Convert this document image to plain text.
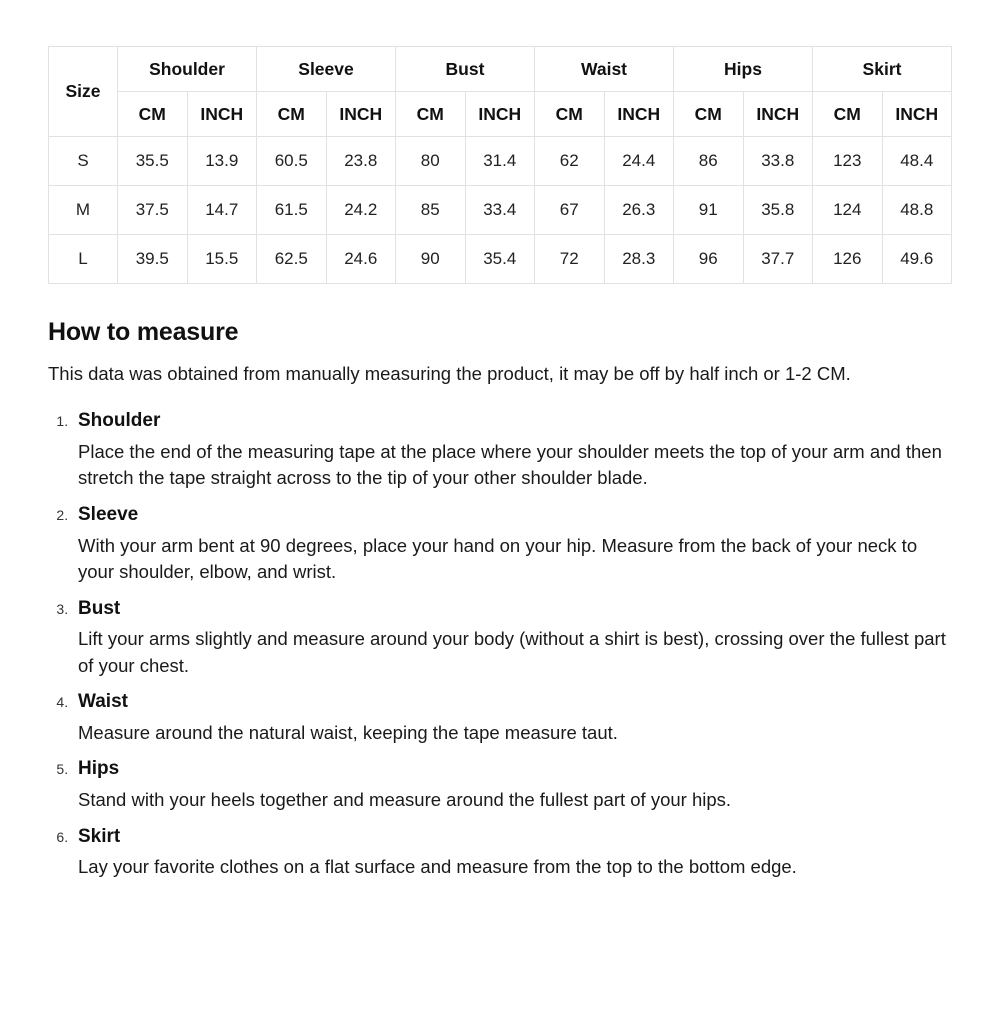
Size	Shoulder		Sleeve		Bust		Waist		Hips		Skirt	
	CM	INCH	CM	INCH	CM	INCH	CM	INCH	CM	INCH	CM	INCH
S	35.5	13.9	60.5	23.8	80	31.4	62	24.4	86	33.8	123	48.4
M	37.5	14.7	61.5	24.2	85	33.4	67	26.3	91	35.8	124	48.8
L	39.5	15.5	62.5	24.6	90	35.4	72	28.3	96	37.7	126	49.6
How to measure

This data was obtained from manually measuring the product, it may be off by half inch or 1-2 CM.

1. Shoulder
Place the end of the measuring tape at the place where your shoulder meets the top of your arm and then stretch the tape straight across to the tip of your other shoulder blade.
2. Sleeve
With your arm bent at 90 degrees, place your hand on your hip. Measure from the back of your neck to your shoulder, elbow, and wrist.
3. Bust
Lift your arms slightly and measure around your body (without a shirt is best), crossing over the fullest part of your chest.
4. Waist
Measure around the natural waist, keeping the tape measure taut.
5. Hips
Stand with your heels together and measure around the fullest part of your hips.
6. Skirt
Lay your favorite clothes on a flat surface and measure from the top to the bottom edge.
